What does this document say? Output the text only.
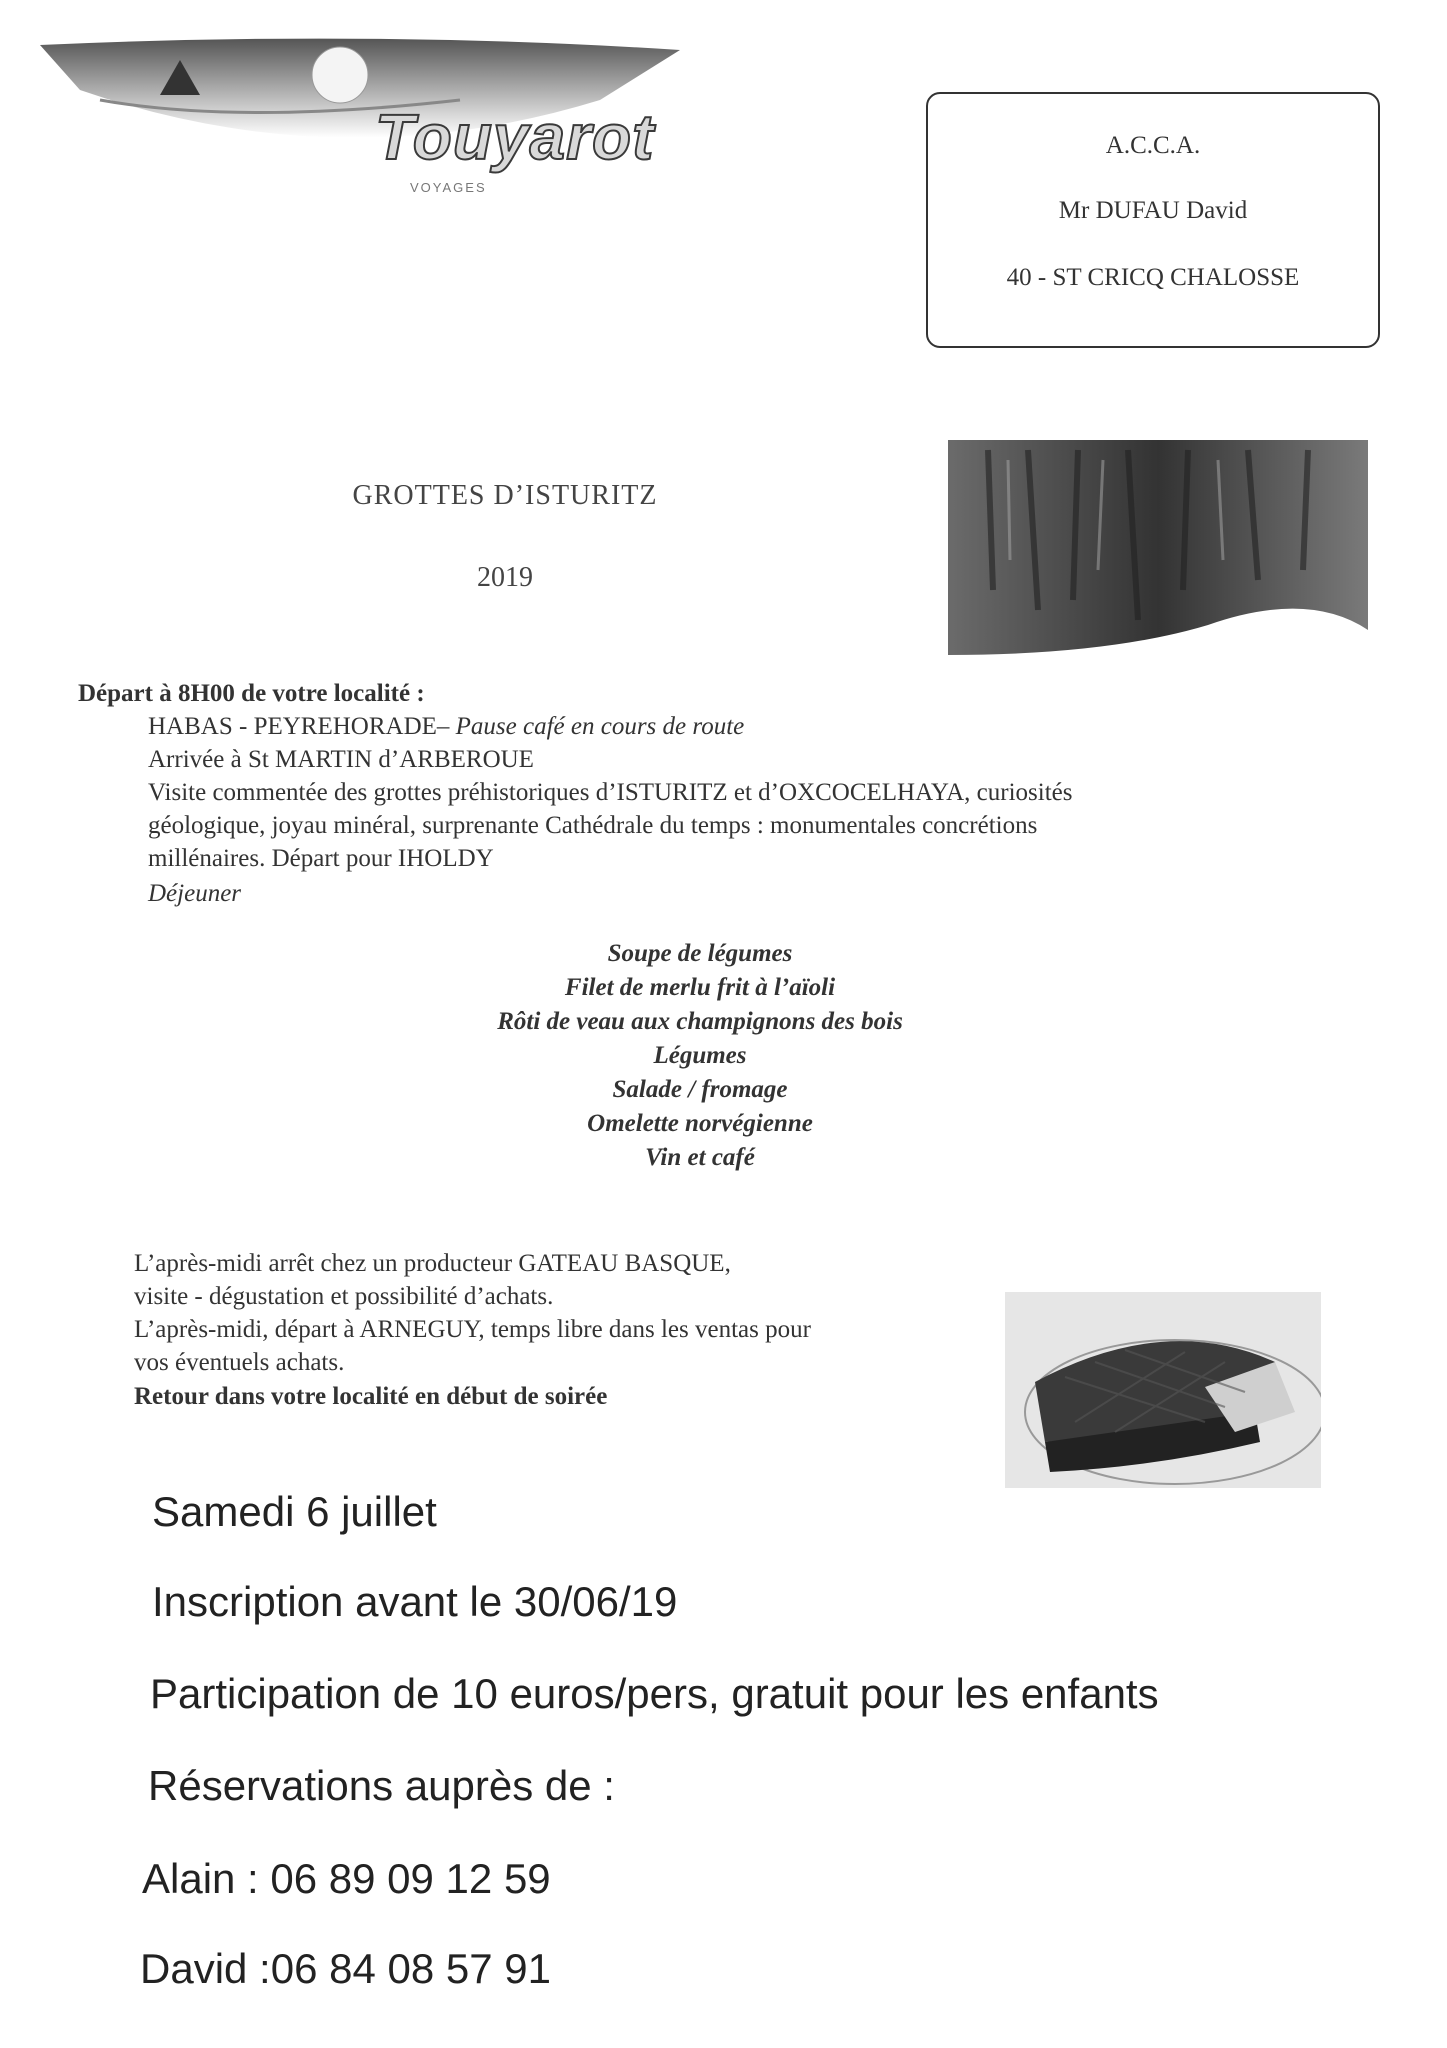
Touyarot
VOYAGES
A.C.C.A.
Mr DUFAU David
40 - ST CRICQ CHALOSSE
GROTTES D’ISTURITZ
2019
Départ à 8H00 de votre localité :
HABAS - PEYREHORADE– Pause café en cours de route
Arrivée à St MARTIN d’ARBEROUE
Visite commentée des grottes préhistoriques d’ISTURITZ et d’OXCOCELHAYA, curiosités
géologique, joyau minéral, surprenante Cathédrale du temps : monumentales concrétions
millénaires. Départ pour IHOLDY
Déjeuner
Soupe de légumes
Filet de merlu frit à l’aïoli
Rôti de veau aux champignons des bois
Légumes
Salade / fromage
Omelette norvégienne
Vin et café
L’après-midi arrêt chez un producteur GATEAU BASQUE,
visite - dégustation et possibilité d’achats.
L’après-midi, départ à ARNEGUY, temps libre dans les ventas pour
vos éventuels achats.
Retour dans votre localité en début de soirée
Samedi 6 juillet
Inscription avant le 30/06/19
Participation de 10 euros/pers, gratuit pour les enfants
Réservations auprès de :
Alain : 06 89 09 12 59
David :06 84 08 57 91
